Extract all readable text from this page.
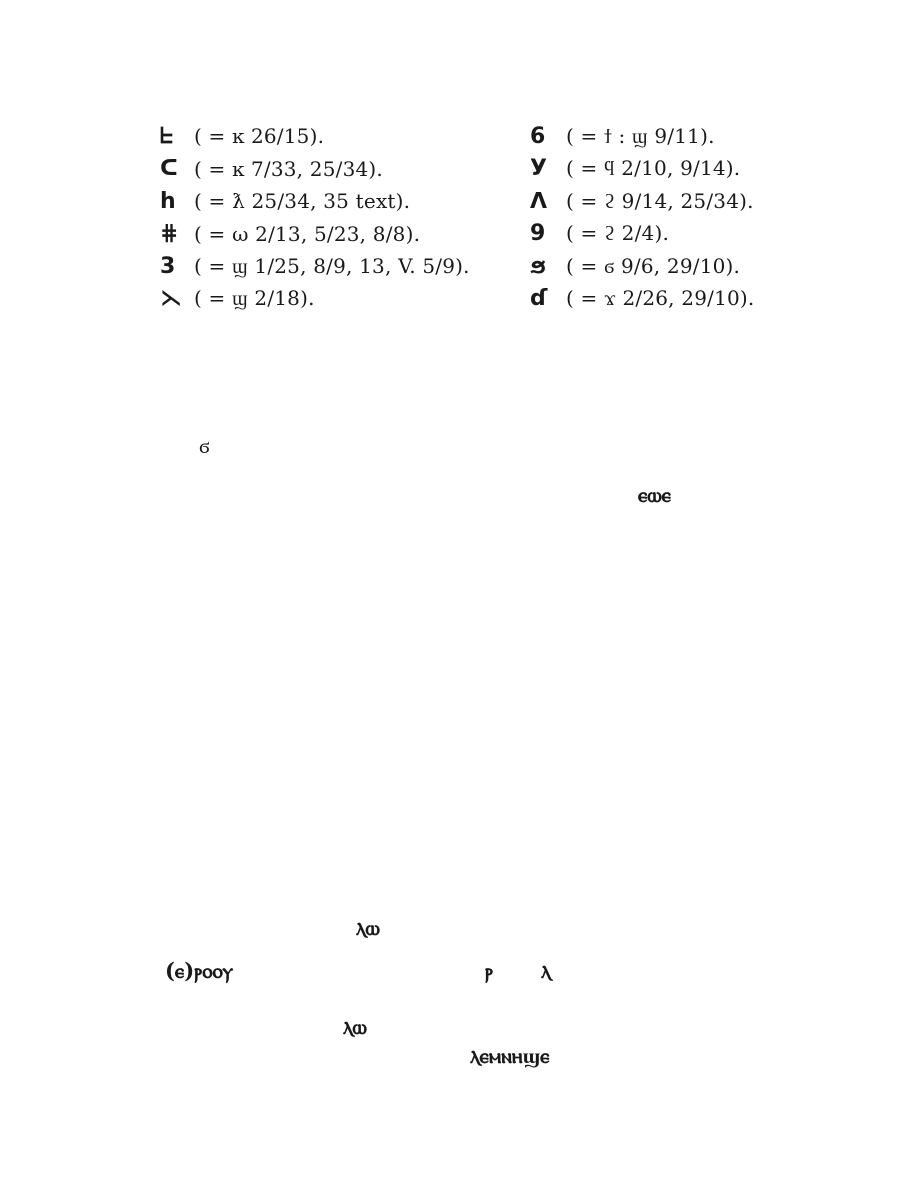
ᖶ	( = ĸ 26/15).
ᑕ ( = ĸ 7/33, 25/34).
h ( = ƛ 25/34, 35 text).
⋕ ( = ω 2/13, 5/23, 8/8).
3 ( = ϣ 1/25, 8/9, 13, V. 5/9).
⋋ ( = ϣ 2/18).
6	( = ϯ : ϣ 9/11).
У ( = ϥ 2/10, 9/14).
ᐱ ( = ϩ 9/14, 25/34).
9	( = ϩ 2/4).
ϧ ( = ϭ 9/6, 29/10).
ɗ ( = ϫ 2/26, 29/10).
ϭ
ⲉⲱⲉ
ⲗⲱ
(ⲉ)ⲣⲟⲟⲩ	ⲣ ⲗ
ⲗⲱ
ⲗⲉⲙⲛⲏϣⲉ
